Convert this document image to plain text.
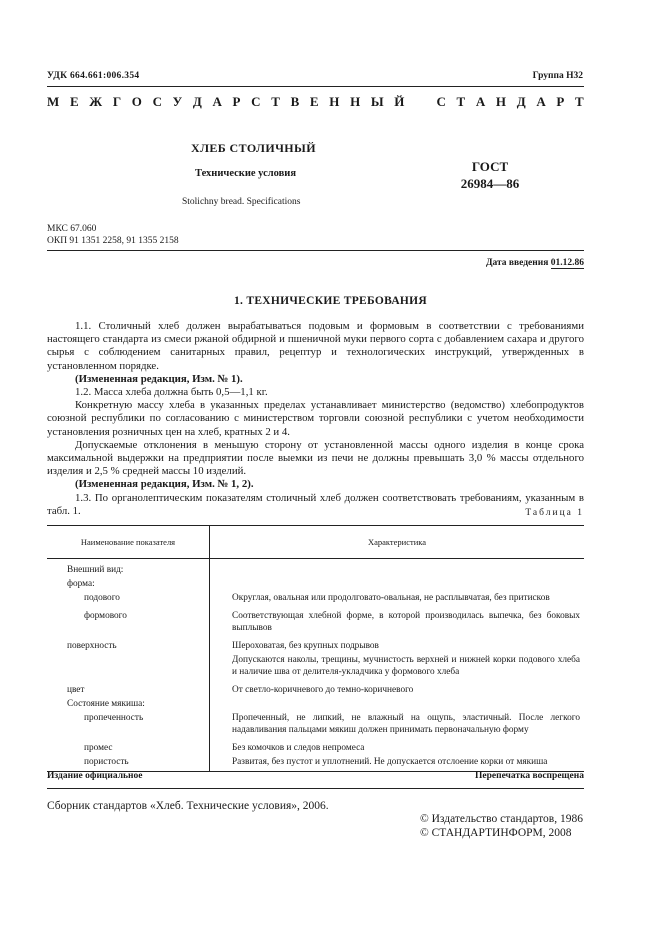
УДК 664.661:006.354	Группа Н32
М Е Ж Г О С У Д А Р С Т В Е Н Н Ы Й С Т А Н Д А Р Т
ХЛЕБ СТОЛИЧНЫЙ
Технические условия	ГОСТ
26984—86
Stolichny bread. Specifications
МКС 67.060
ОКП 91 1351 2258, 91 1355 2158
Дата введения 01.12.86
1. ТЕХНИЧЕСКИЕ ТРЕБОВАНИЯ

1.1. Столичный хлеб должен вырабатываться подовым и формовым в соответствии с требованиями настоящего стандарта из смеси ржаной обдирной и пшеничной муки первого сорта с добавлением сахара и другого сырья с соблюдением санитарных правил, рецептур и технологических инструкций, утвержденных в установленном порядке.

(Измененная редакция, Изм. № 1).

1.2. Масса хлеба должна быть 0,5—1,1 кг.

Конкретную массу хлеба в указанных пределах устанавливает министерство (ведомство) хлебопродуктов союзной республики по согласованию с министерством торговли союзной республики с учетом необходимости установления розничных цен на хлеб, кратных 2 и 4.

Допускаемые отклонения в меньшую сторону от установленной массы одного изделия в конце срока максимальной выдержки на предприятии после выемки из печи не должны превышать 3,0 % массы отдельного изделия и 2,5 % средней массы 10 изделий.

(Измененная редакция, Изм. № 1, 2).

1.3. По органолептическим показателям столичный хлеб должен соответствовать требованиям, указанным в табл. 1.	Таблица 1
Наименование показателя	Характеристика
Внешний вид:	
форма:	
подового	Округлая, овальная или продолговато-овальная, не расплывчатая, без притисков

формового	Соответствующая хлебной форме, в которой производилась выпечка, без боковых выплывов

поверхность	Шероховатая, без крупных подрывов

	Допускаются наколы, трещины, мучнистость верхней и нижней корки подового хлеба и наличие шва от делителя-укладчика у формового хлеба

цвет	От светло-коричневого до темно-коричневого

Состояние мякиша:	
пропеченность	Пропеченный, не липкий, не влажный на ощупь, эластичный. После легкого надавливания пальцами мякиш должен принимать первоначальную форму

промес	Без комочков и следов непромеса

пористость	Развитая, без пустот и уплотнений. Не допускается отслоение корки от мякиша
Издание официальное	Перепечатка воспрещена
Сборник стандартов «Хлеб. Технические условия», 2006.
© Издательство стандартов, 1986
© СТАНДАРТИНФОРМ, 2008
